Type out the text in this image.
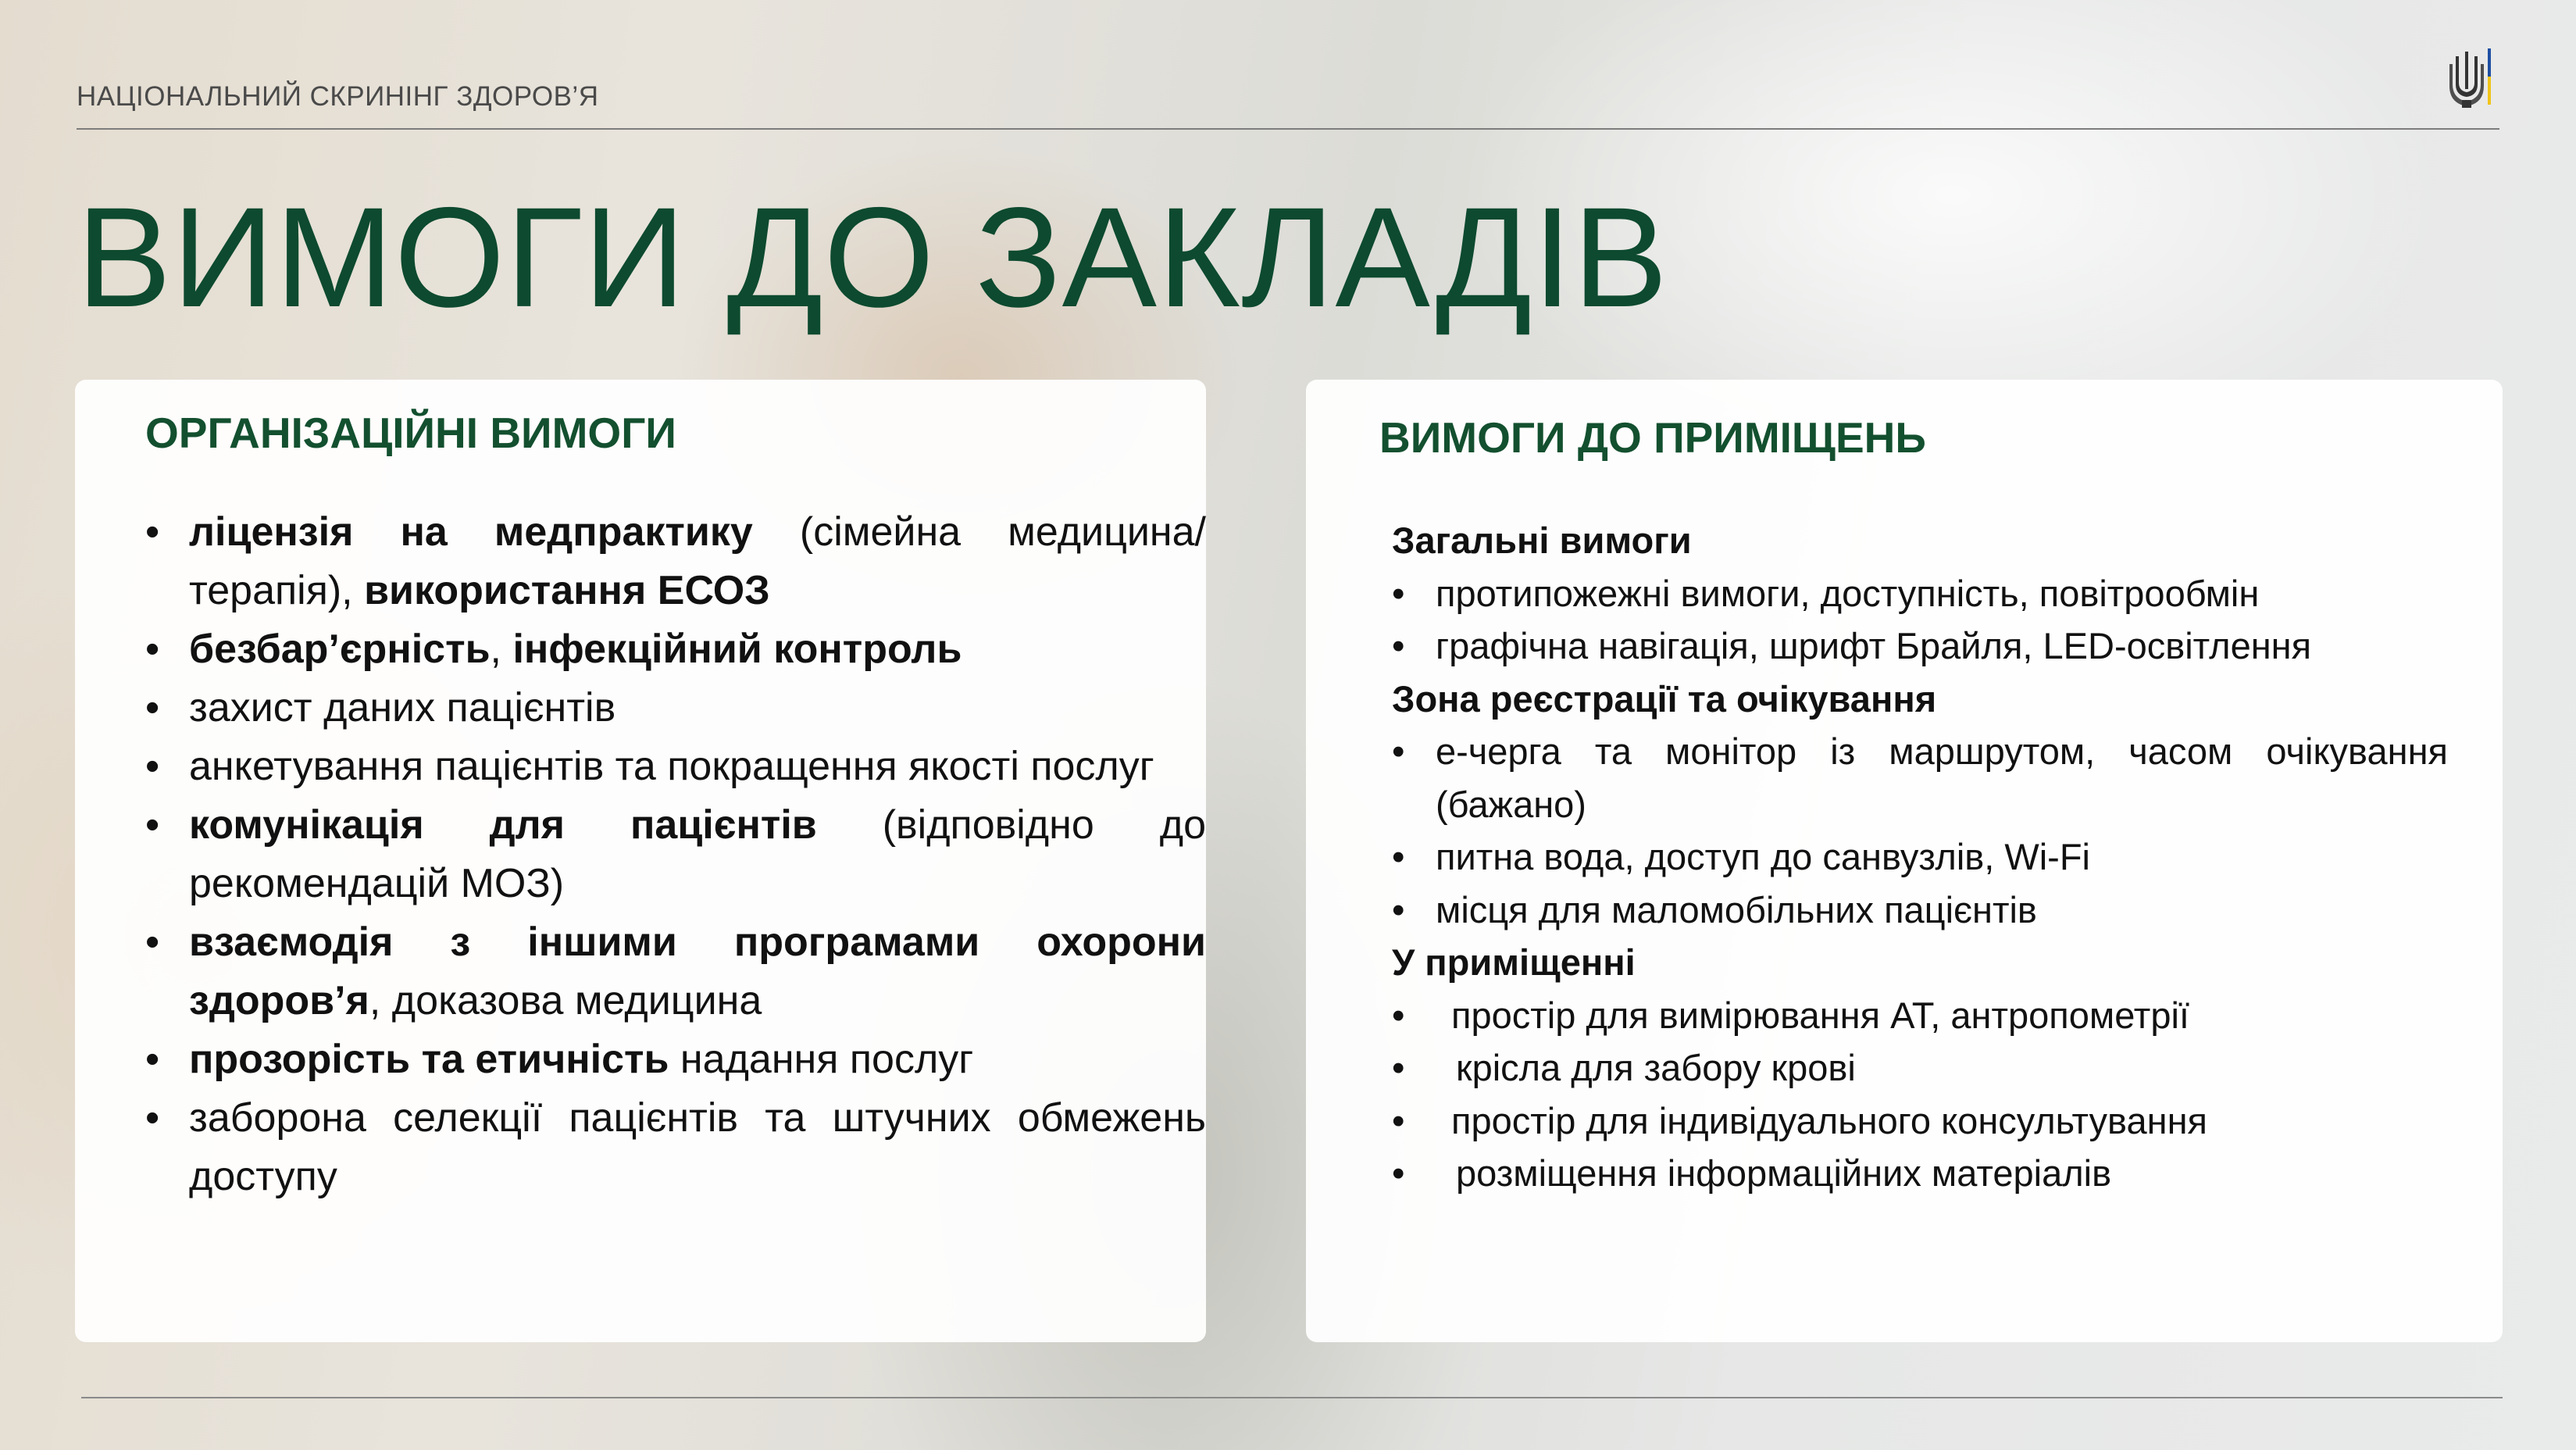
НАЦІОНАЛЬНИЙ СКРИНІНГ ЗДОРОВ’Я
ВИМОГИ ДО ЗАКЛАДІВ
ОРГАНІЗАЦІЙНІ ВИМОГИ
• ліцензія на медпрактику (сімейна медицина/терапія), використання ЕСОЗ
• безбар’єрність, інфекційний контроль
• захист даних пацієнтів
• анкетування пацієнтів та покращення якості послуг
• комунікація для пацієнтів (відповідно до рекомендацій МОЗ)
• взаємодія з іншими програмами охорони здоров’я, доказова медицина
• прозорість та етичність надання послуг
• заборона селекції пацієнтів та штучних обмежень доступу
ВИМОГИ ДО ПРИМІЩЕНЬ
Загальні вимоги
• протипожежні вимоги, доступність, повітрообмін
• графічна навігація, шрифт Брайля, LED-освітлення
Зона реєстрації та очікування
• е-черга та монітор із маршрутом, часом очікування (бажано)
• питна вода, доступ до санвузлів, Wi-Fi
• місця для маломобільних пацієнтів
У приміщенні
• простір для вимірювання АТ, антропометрії
• крісла для забору крові
• простір для індивідуального консультування
• розміщення інформаційних матеріалів
